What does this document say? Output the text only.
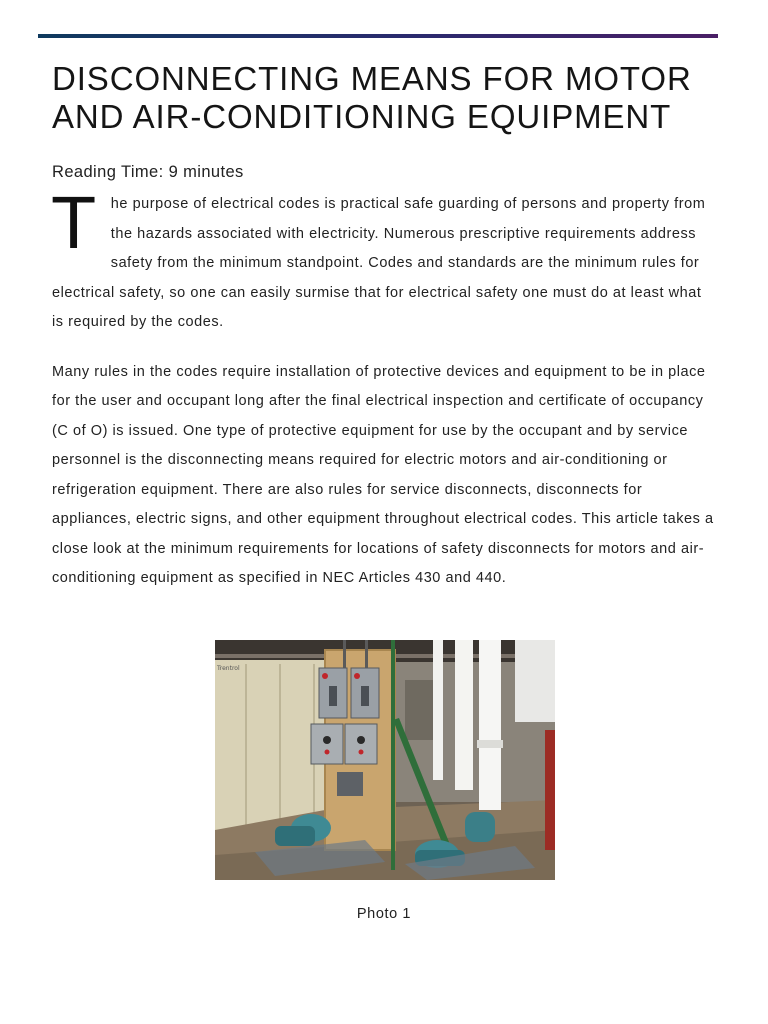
DISCONNECTING MEANS FOR MOTOR AND AIR-CONDITIONING EQUIPMENT
Reading Time: 9 minutes

The purpose of electrical codes is practical safe guarding of persons and property from the hazards associated with electricity. Numerous prescriptive requirements address safety from the minimum standpoint. Codes and standards are the minimum rules for electrical safety, so one can easily surmise that for electrical safety one must do at least what is required by the codes.

Many rules in the codes require installation of protective devices and equipment to be in place for the user and occupant long after the final electrical inspection and certificate of occupancy (C of O) is issued. One type of protective equipment for use by the occupant and by service personnel is the disconnecting means required for electric motors and air-conditioning or refrigeration equipment. There are also rules for service disconnects, disconnects for appliances, electric signs, and other equipment throughout electrical codes. This article takes a close look at the minimum requirements for locations of safety disconnects for motors and air-conditioning equipment as specified in NEC Articles 430 and 440.

Trentrol
Photo 1
